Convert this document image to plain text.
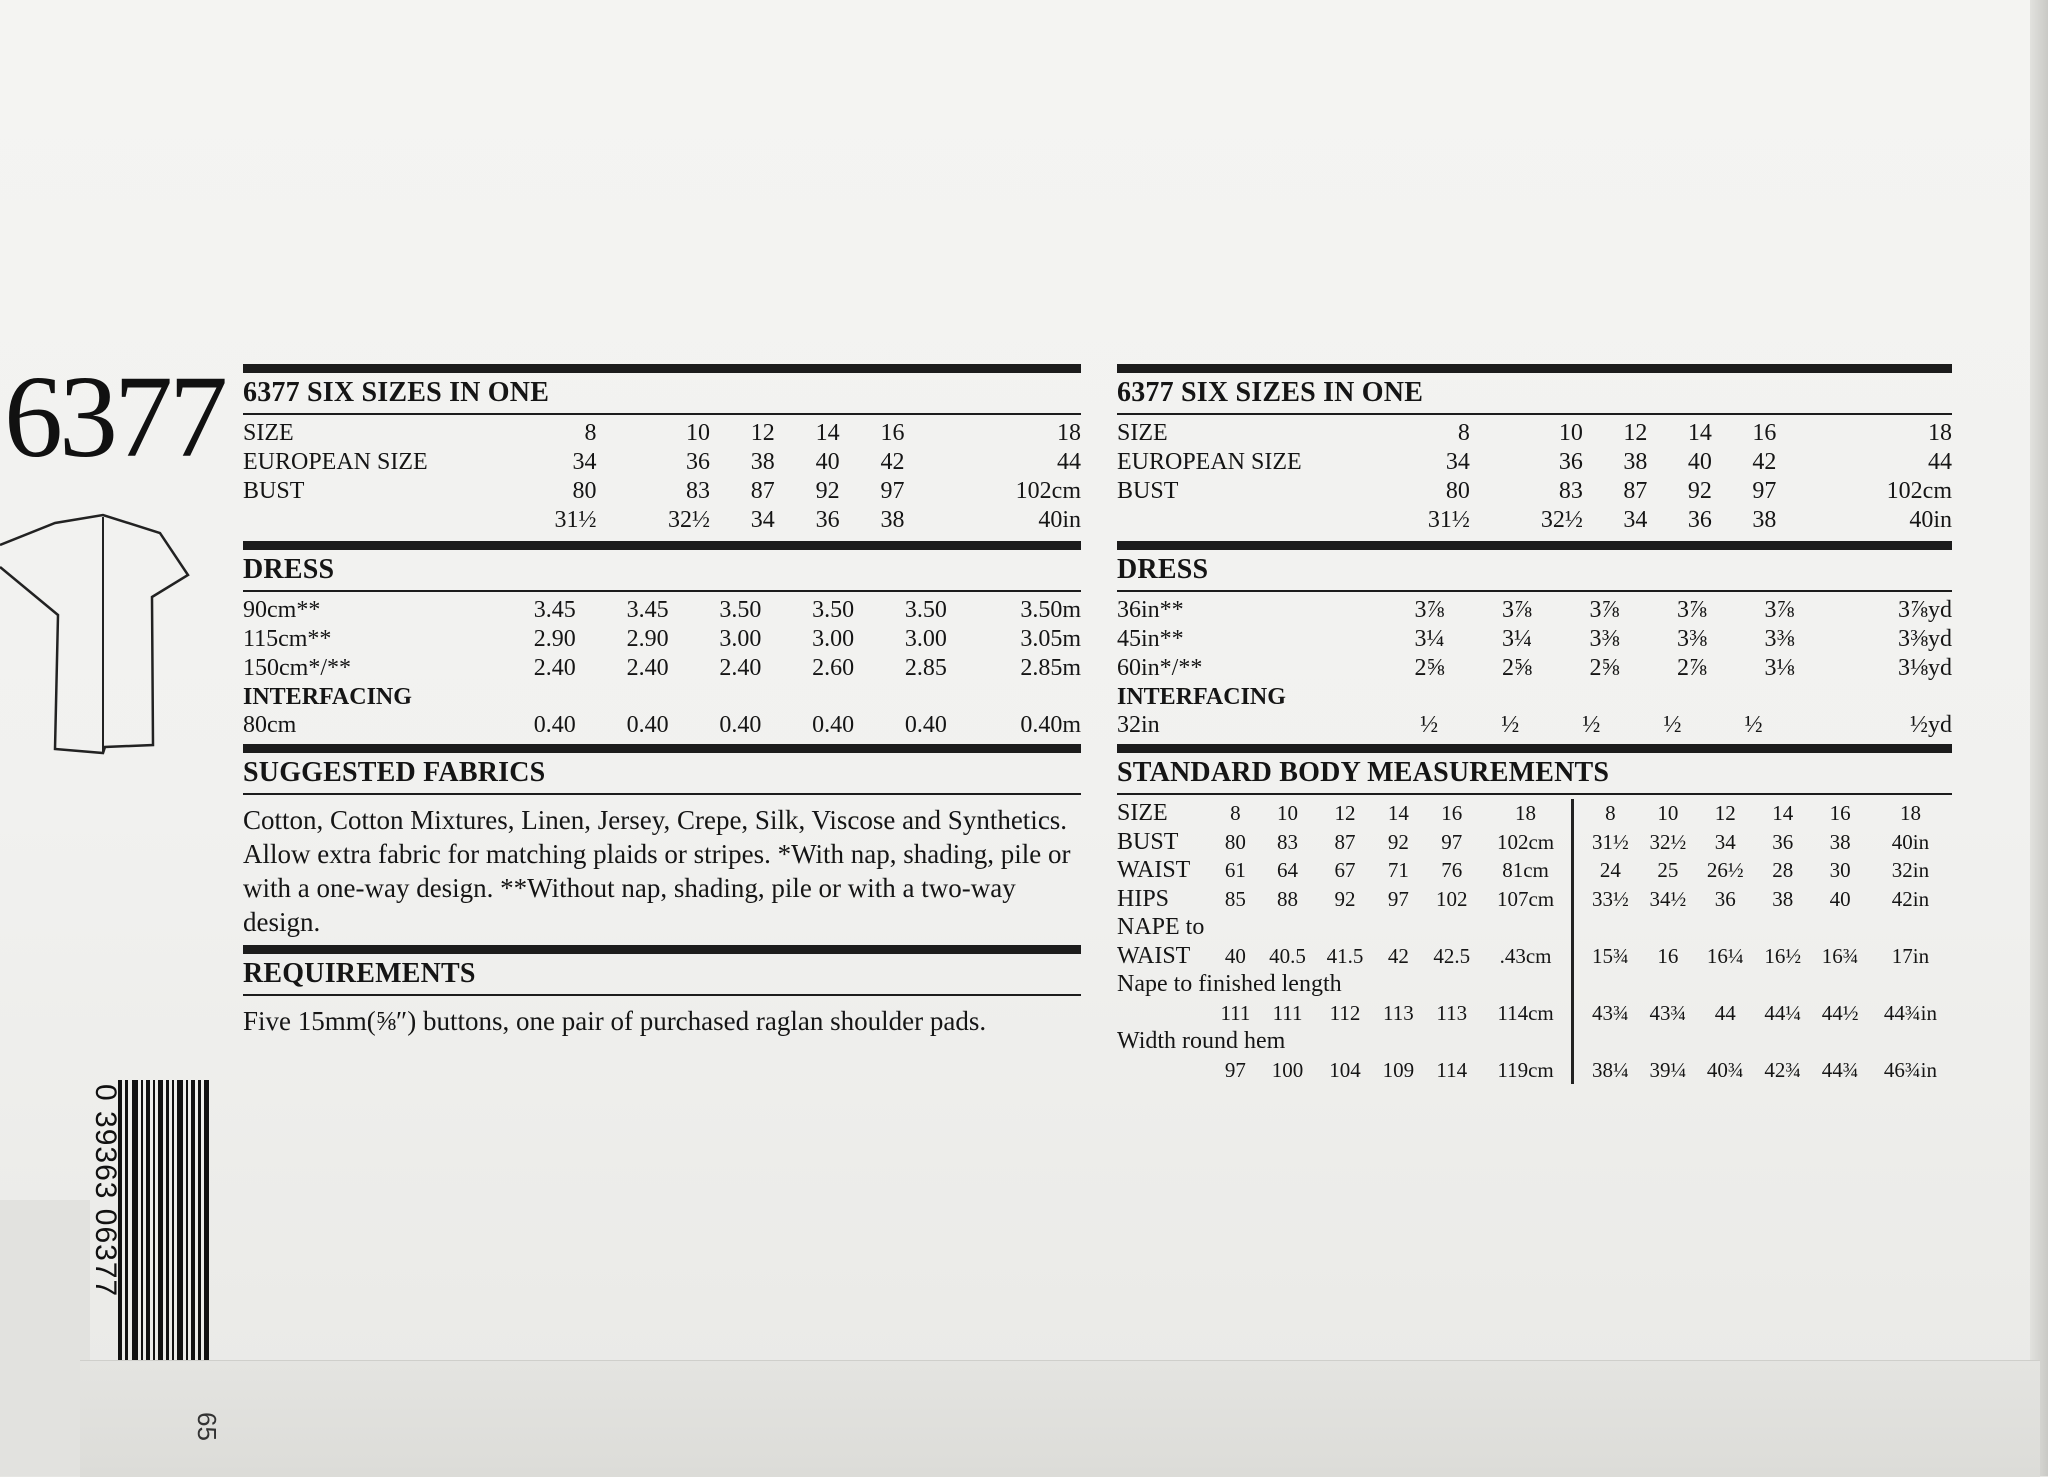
6377
0 39363 06377
65
6377 SIX SIZES IN ONE
SIZE	8	10	12	14	16	18
EUROPEAN SIZE	34	36	38	40	42	44
BUST	80	83	87	92	97	102cm
	31½	32½	34	36	38	40in
DRESS
90cm**	3.45	3.45	3.50	3.50	3.50	3.50m
115cm**	2.90	2.90	3.00	3.00	3.00	3.05m
150cm*/**	2.40	2.40	2.40	2.60	2.85	2.85m
INTERFACING
80cm	0.40	0.40	0.40	0.40	0.40	0.40m
SUGGESTED FABRICS
Cotton, Cotton Mixtures, Linen, Jersey, Crepe, Silk, Viscose and Synthetics. Allow extra fabric for matching plaids or stripes. *With nap, shading, pile or with a one-way design. **Without nap, shading, pile or with a two-way design.
REQUIREMENTS
Five 15mm(⅝″) buttons, one pair of purchased raglan shoulder pads.
6377 SIX SIZES IN ONE
SIZE	8	10	12	14	16	18
EUROPEAN SIZE	34	36	38	40	42	44
BUST	80	83	87	92	97	102cm
	31½	32½	34	36	38	40in
DRESS
36in**	3⅞	3⅞	3⅞	3⅞	3⅞	3⅞yd
45in**	3¼	3¼	3⅜	3⅜	3⅜	3⅜yd
60in*/**	2⅝	2⅝	2⅝	2⅞	3⅛	3⅛yd
INTERFACING
32in	½	½	½	½	½	½yd
STANDARD BODY MEASUREMENTS
SIZE	8	10	12	14	16	18		8	10	12	14	16	18
BUST	80	83	87	92	97	102cm		31½	32½	34	36	38	40in
WAIST	61	64	67	71	76	81cm		24	25	26½	28	30	32in
HIPS	85	88	92	97	102	107cm		33½	34½	36	38	40	42in
NAPE to													
WAIST	40	40.5	41.5	42	42.5	.43cm		15¾	16	16¼	16½	16¾	17in
Nape to finished length													
	111	111	112	113	113	114cm		43¾	43¾	44	44¼	44½	44¾in
Width round hem													
	97	100	104	109	114	119cm		38¼	39¼	40¾	42¾	44¾	46¾in
